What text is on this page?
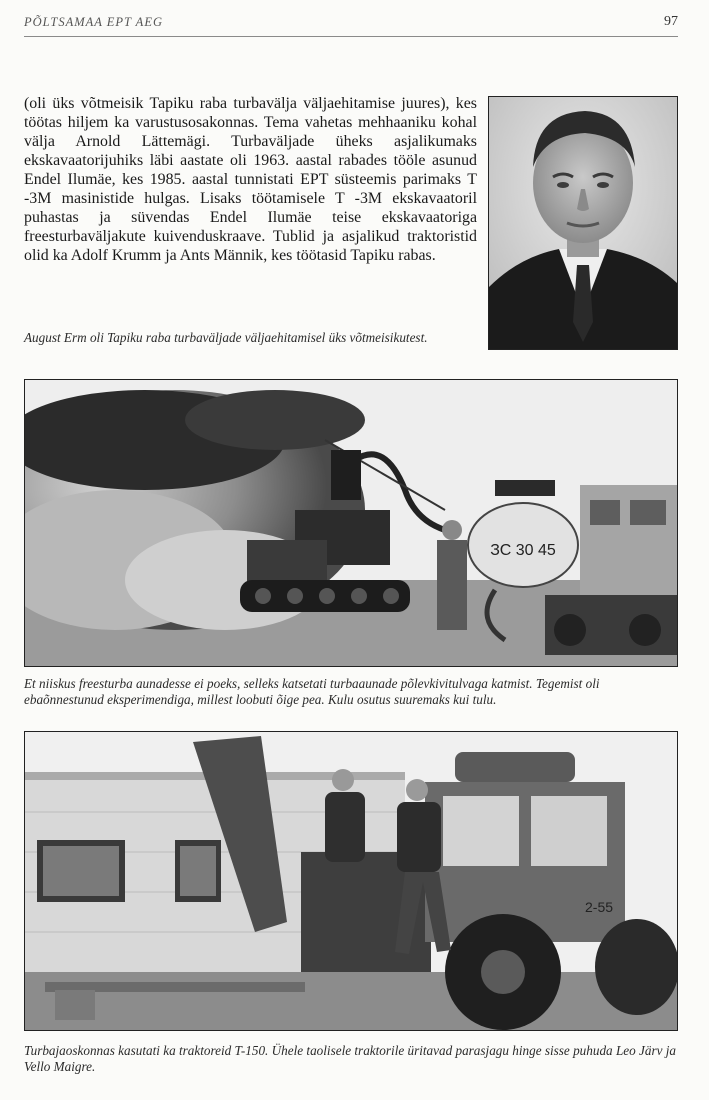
PÕLTSAMAA EPT AEG	97

(oli üks võtmeisik Tapiku raba turbavälja väljaehitamise juures), kes töötas hiljem ka varustusosakonnas. Tema vahetas mehhaaniku kohal välja Arnold Lättemägi. Turbaväljade üheks asjalikumaks ekskavaatorijuhiks läbi aastate oli 1963. aastal rabades tööle asunud Endel Ilumäe, kes 1985. aastal tunnistati EPT süsteemis parimaks T -3M masinistide hulgas. Lisaks töötamisele T -3M ekskavaatoril puhastas ja süvendas Endel Ilumäe teise ekskavaatoriga freesturbaväljakute kuivenduskraave. Tublid ja asjalikud traktoristid olid ka Adolf Krumm ja Ants Männik, kes töötasid Tapiku rabas.

August Erm oli Tapiku raba turbaväljade väljaehitamisel üks võtmeisikutest.

ЗС 30 45

Et niiskus freesturba aunadesse ei poeks, selleks katsetati turbaaunade põlevkivitulvaga katmist. Tegemist oli ebaõnnestunud eksperimendiga, millest loobuti õige pea. Kulu osutus suuremaks kui tulu.

2-55

Turbajaoskonnas kasutati ka traktoreid T-150. Ühele taolisele traktorile üritavad parasjagu hinge sisse puhuda Leo Järv ja Vello Maigre.
